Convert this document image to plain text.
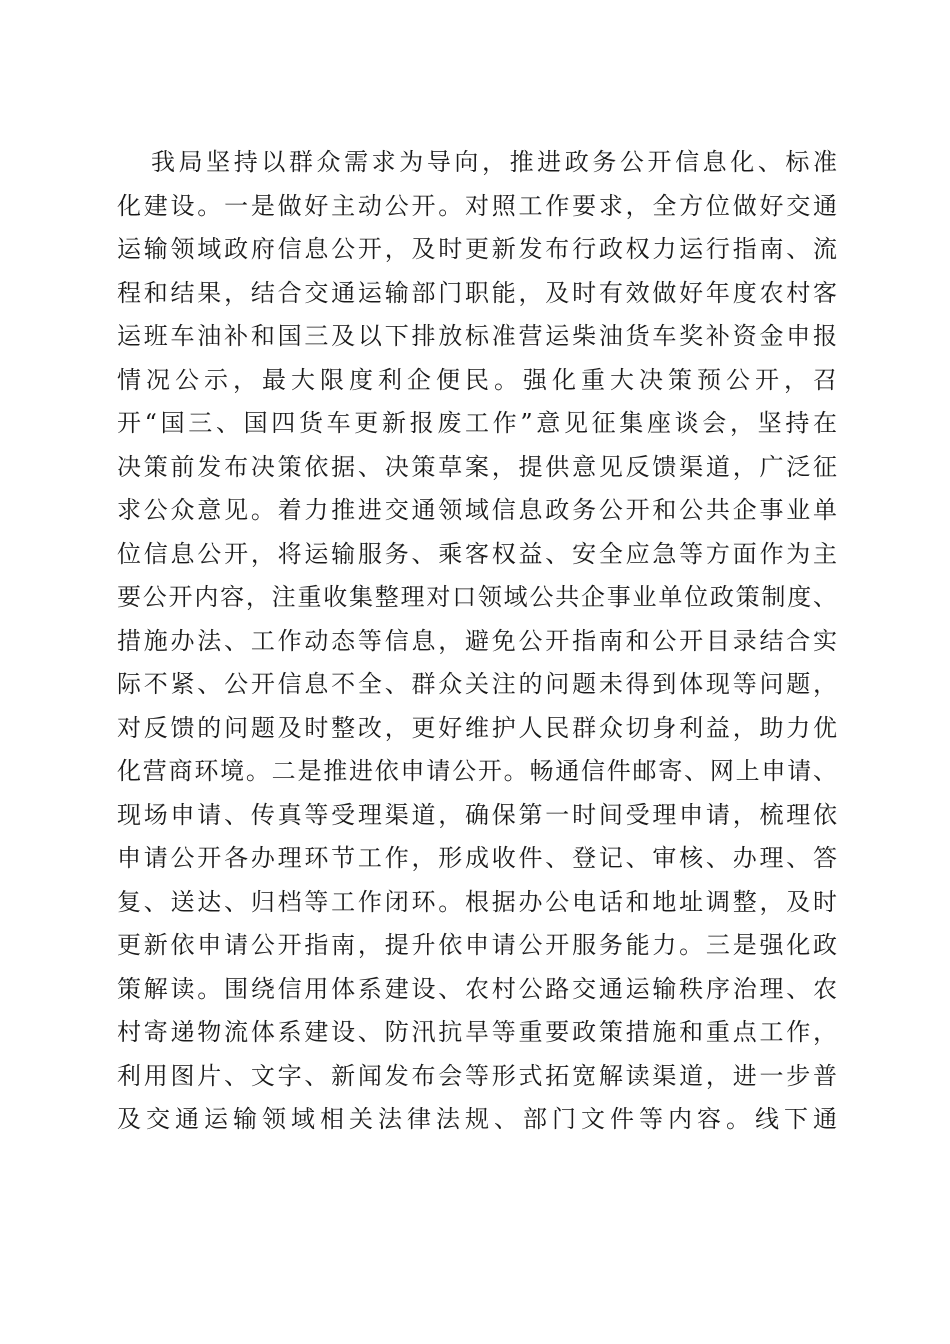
我局坚持以群众需求为导向，推进政务公开信息化、标准
化建设。一是做好主动公开。对照工作要求，全方位做好交通
运输领域政府信息公开，及时更新发布行政权力运行指南、流
程和结果，结合交通运输部门职能，及时有效做好年度农村客
运班车油补和国三及以下排放标准营运柴油货车奖补资金申报
情况公示，最大限度利企便民。强化重大决策预公开，召
开“国三、国四货车更新报废工作”意见征集座谈会，坚持在
决策前发布决策依据、决策草案，提供意见反馈渠道，广泛征
求公众意见。着力推进交通领域信息政务公开和公共企事业单
位信息公开，将运输服务、乘客权益、安全应急等方面作为主
要公开内容，注重收集整理对口领域公共企事业单位政策制度、
措施办法、工作动态等信息，避免公开指南和公开目录结合实
际不紧、公开信息不全、群众关注的问题未得到体现等问题，
对反馈的问题及时整改，更好维护人民群众切身利益，助力优
化营商环境。二是推进依申请公开。畅通信件邮寄、网上申请、
现场申请、传真等受理渠道，确保第一时间受理申请，梳理依
申请公开各办理环节工作，形成收件、登记、审核、办理、答
复、送达、归档等工作闭环。根据办公电话和地址调整，及时
更新依申请公开指南，提升依申请公开服务能力。三是强化政
策解读。围绕信用体系建设、农村公路交通运输秩序治理、农
村寄递物流体系建设、防汛抗旱等重要政策措施和重点工作，
利用图片、文字、新闻发布会等形式拓宽解读渠道，进一步普
及交通运输领域相关法律法规、部门文件等内容。线下通
